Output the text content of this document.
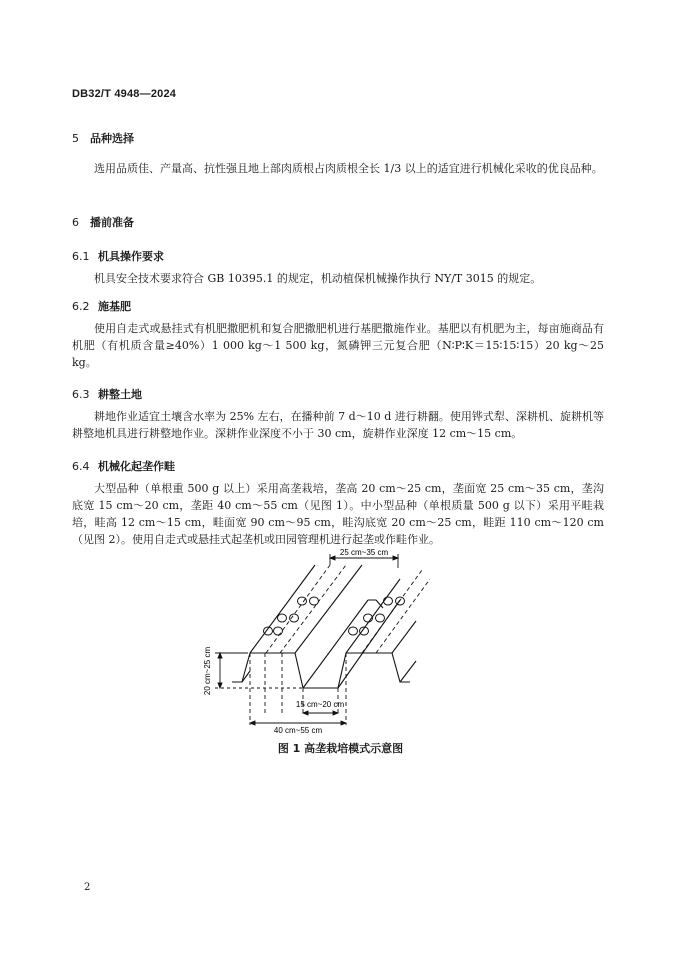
DB32/T 4948—2024
5 品种选择
选用品质佳、产量高、抗性强且地上部肉质根占肉质根全长 1/3 以上的适宜进行机械化采收的优良品种。
6 播前准备
6.1 机具操作要求
机具安全技术要求符合 GB 10395.1 的规定，机动植保机械操作执行 NY/T 3015 的规定。
6.2 施基肥
使用自走式或悬挂式有机肥撒肥机和复合肥撒肥机进行基肥撒施作业。基肥以有机肥为主，每亩施商品有机肥（有机质含量≥40%）1 000 kg～1 500 kg，氮磷钾三元复合肥（N∶P∶K＝15∶15∶15）20 kg～25 kg。
6.3 耕整土地
耕地作业适宜土壤含水率为 25% 左右，在播种前 7 d～10 d 进行耕翻。使用铧式犁、深耕机、旋耕机等耕整地机具进行耕整地作业。深耕作业深度不小于 30 cm，旋耕作业深度 12 cm～15 cm。
6.4 机械化起垄作畦
大型品种（单根重 500 g 以上）采用高垄栽培，垄高 20 cm～25 cm，垄面宽 25 cm～35 cm，垄沟底宽 15 cm～20 cm，垄距 40 cm～55 cm（见图 1）。中小型品种（单根质量 500 g 以下）采用平畦栽培，畦高 12 cm～15 cm，畦面宽 90 cm～95 cm，畦沟底宽 20 cm～25 cm，畦距 110 cm～120 cm（见图 2）。使用自走式或悬挂式起垄机或田园管理机进行起垄或作畦作业。
25 cm~35 cm
20 cm~25 cm
15 cm~20 cm
40 cm~55 cm
图 1 高垄栽培模式示意图
2
